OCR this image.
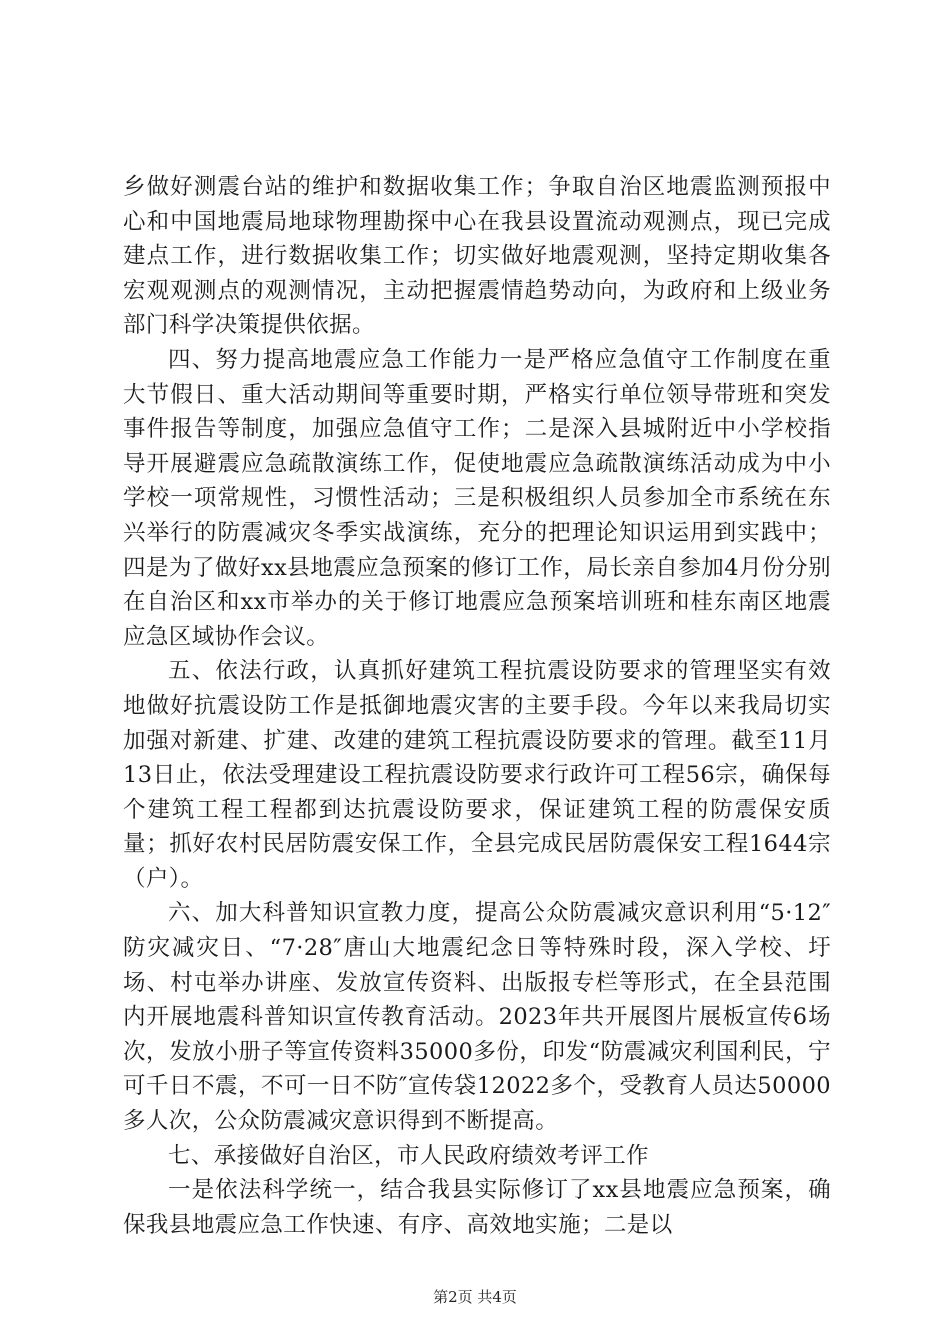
乡做好测震台站的维护和数据收集工作；争取自治区地震监测预报中心和中国地震局地球物理勘探中心在我县设置流动观测点，现已完成建点工作，进行数据收集工作；切实做好地震观测，坚持定期收集各宏观观测点的观测情况，主动把握震情趋势动向，为政府和上级业务部门科学决策提供依据。

四、努力提高地震应急工作能力一是严格应急值守工作制度在重大节假日、重大活动期间等重要时期，严格实行单位领导带班和突发事件报告等制度，加强应急值守工作；二是深入县城附近中小学校指导开展避震应急疏散演练工作，促使地震应急疏散演练活动成为中小学校一项常规性，习惯性活动；三是积极组织人员参加全市系统在东兴举行的防震减灾冬季实战演练，充分的把理论知识运用到实践中；四是为了做好xx县地震应急预案的修订工作，局长亲自参加4月份分别在自治区和xx市举办的关于修订地震应急预案培训班和桂东南区地震应急区域协作会议。

五、依法行政，认真抓好建筑工程抗震设防要求的管理坚实有效地做好抗震设防工作是抵御地震灾害的主要手段。今年以来我局切实加强对新建、扩建、改建的建筑工程抗震设防要求的管理。截至11月13日止，依法受理建设工程抗震设防要求行政许可工程56宗，确保每个建筑工程工程都到达抗震设防要求，保证建筑工程的防震保安质量；抓好农村民居防震安保工作，全县完成民居防震保安工程1644宗（户）。

六、加大科普知识宣教力度，提高公众防震减灾意识利用“5·12″防灾减灾日、“7·28″唐山大地震纪念日等特殊时段，深入学校、圩场、村屯举办讲座、发放宣传资料、出版报专栏等形式，在全县范围内开展地震科普知识宣传教育活动。2023年共开展图片展板宣传6场次，发放小册子等宣传资料35000多份，印发“防震减灾利国利民，宁可千日不震，不可一日不防″宣传袋12022多个，受教育人员达50000多人次，公众防震减灾意识得到不断提高。

七、承接做好自治区，市人民政府绩效考评工作

一是依法科学统一，结合我县实际修订了xx县地震应急预案，确保我县地震应急工作快速、有序、高效地实施；二是以

第2页 共4页
